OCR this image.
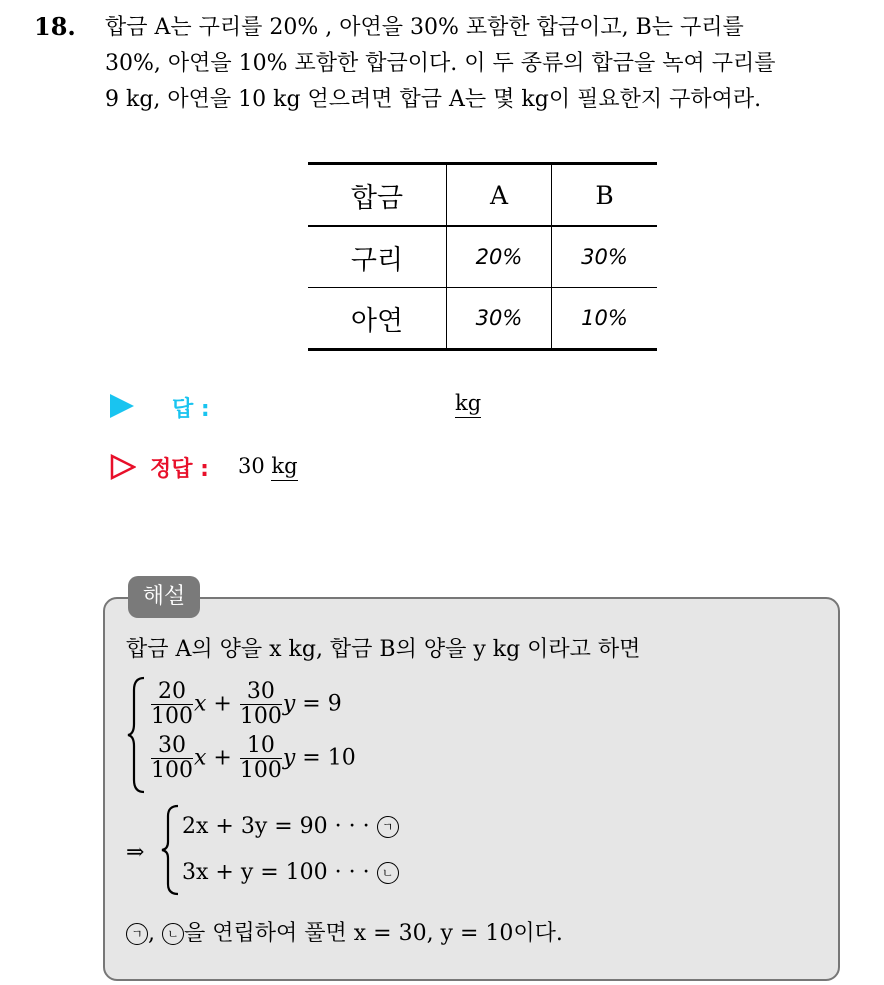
18. 합금 A는 구리를 20% , 아연을 30% 포함한 합금이고, B는 구리를
30%, 아연을 10% 포함한 합금이다. 이 두 종류의 합금을 녹여 구리를
9 kg, 아연을 10 kg 얻으려면 합금 A는 몇 kg이 필요한지 구하여라.
합금	A	B
구리	20%	30%
아연	30%	10%
답 :	kg
정답 : 30 kg
해설
합금 A의 양을 x kg, 합금 B의 양을 y kg 이라고 하면
$\frac{20}{100}$ $x + \frac{30}{100}$ y = 9
$\frac{30}{100}$ $x + \frac{10}{100}$ y = 10
⇒
2x + 3y = 90 · · · ㄱ
3x + y = 100 · · · ㄴ
ㄱ , ㄴ 을 연립하여 풀면 x = 30, y = 10이다.
